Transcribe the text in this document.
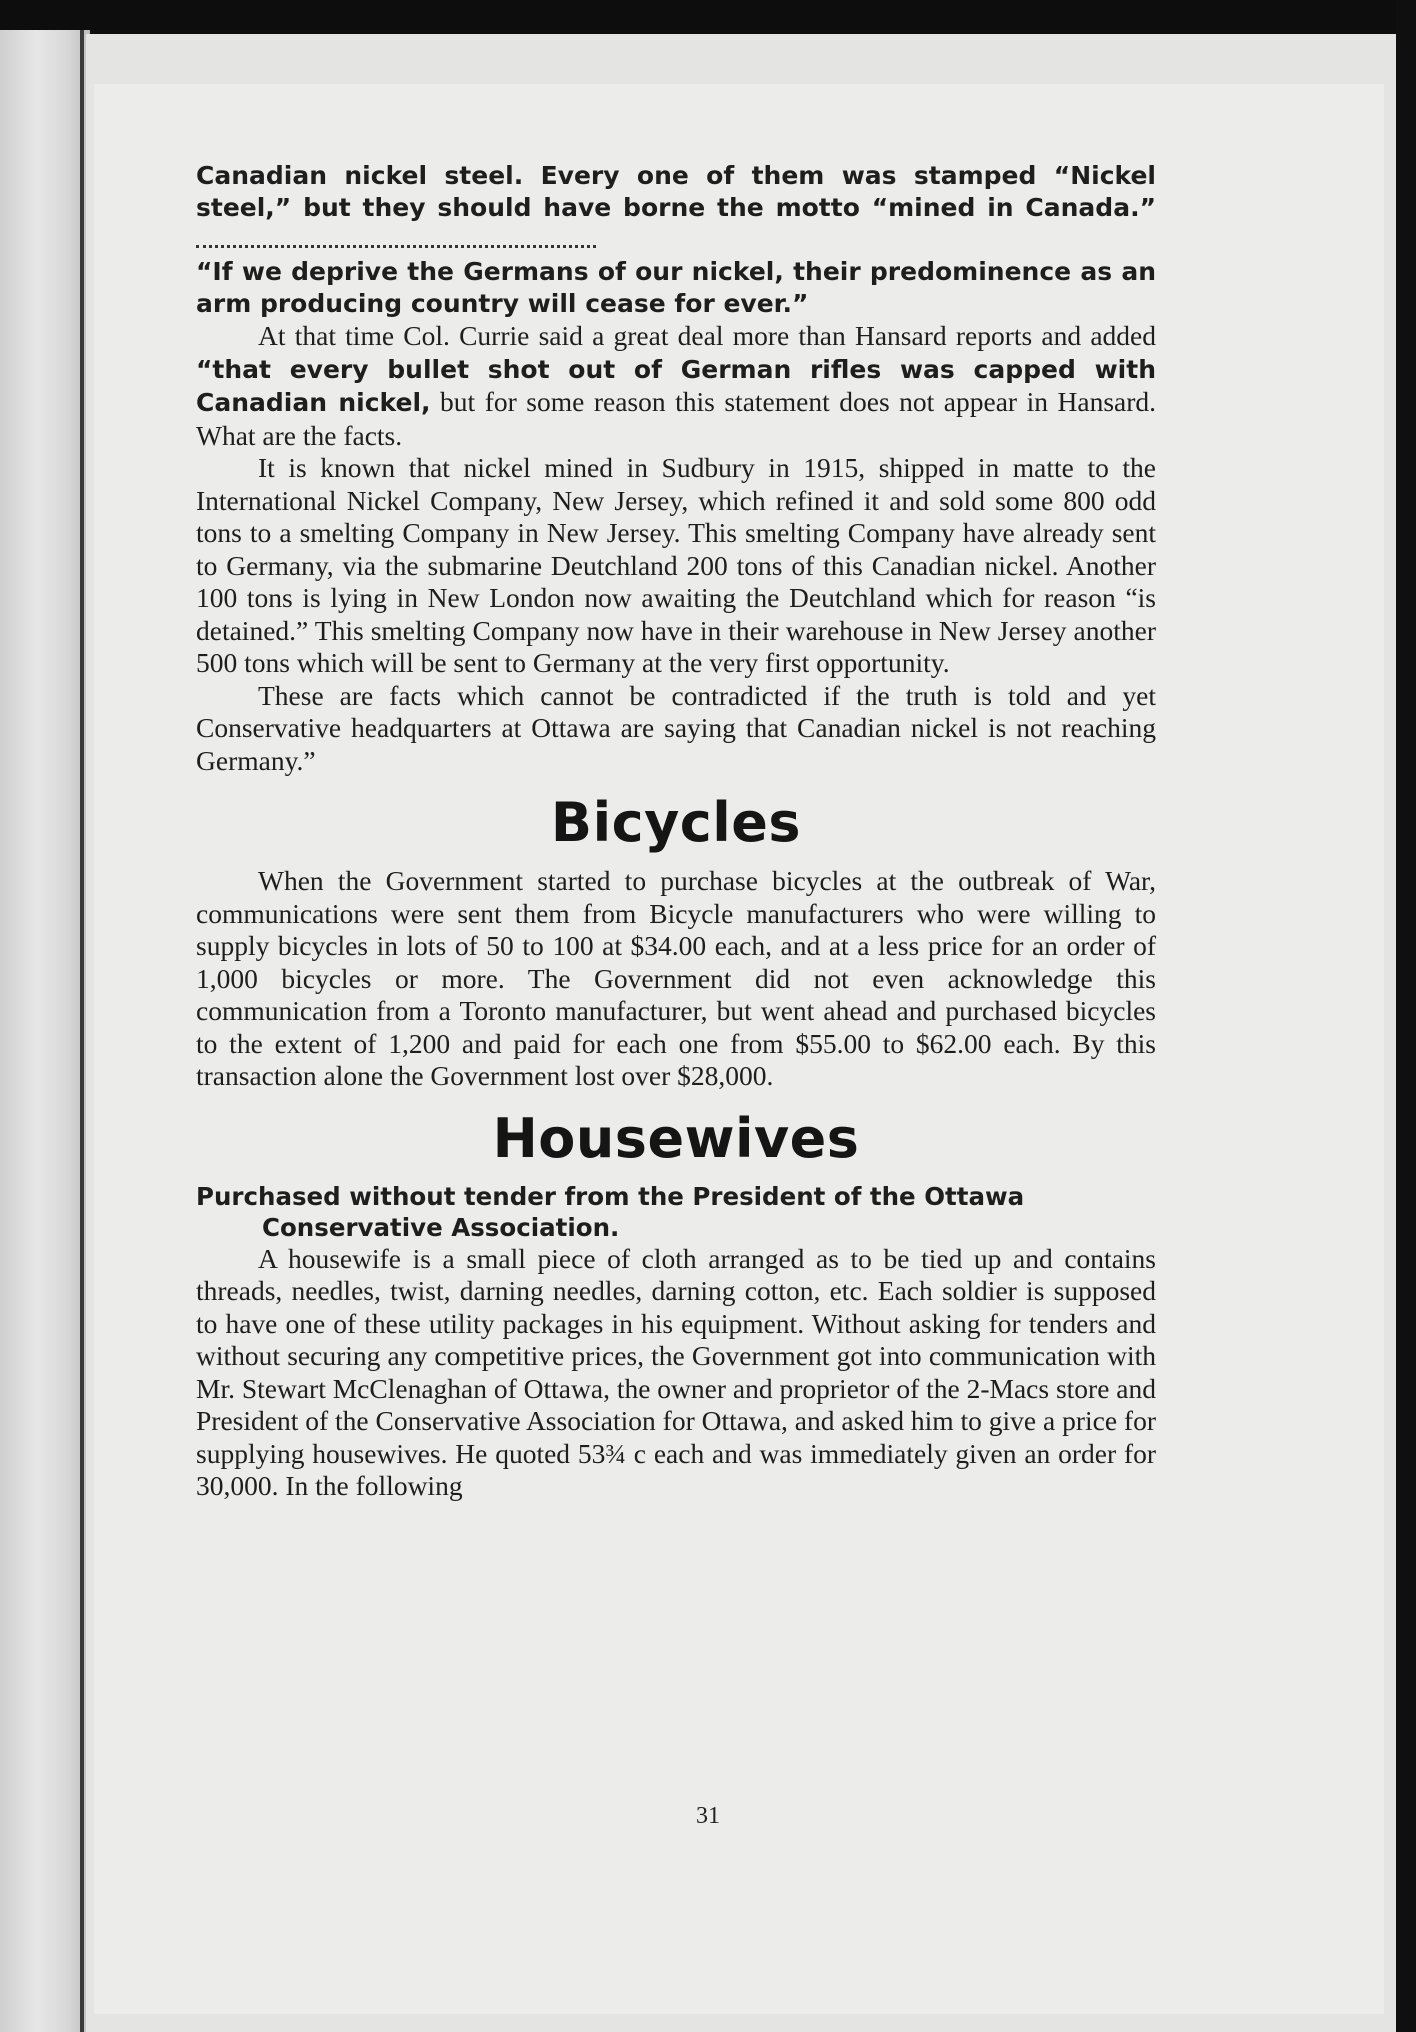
Canadian nickel steel. Every one of them was stamped “Nickel steel,” but they should have borne the motto “mined in Canada.”

“If we deprive the Germans of our nickel, their predominence as an arm producing country will cease for ever.”

At that time Col. Currie said a great deal more than Hansard reports and added “that every bullet shot out of German rifles was capped with Canadian nickel, but for some reason this statement does not appear in Hansard. What are the facts.

It is known that nickel mined in Sudbury in 1915, shipped in matte to the International Nickel Company, New Jersey, which refined it and sold some 800 odd tons to a smelting Company in New Jersey. This smelting Company have already sent to Germany, via the submarine Deutchland 200 tons of this Canadian nickel. Another 100 tons is lying in New London now awaiting the Deutchland which for reason “is detained.” This smelting Company now have in their warehouse in New Jersey another 500 tons which will be sent to Germany at the very first opportunity.

These are facts which cannot be contradicted if the truth is told and yet Conservative headquarters at Ottawa are saying that Canadian nickel is not reaching Germany.”

Bicycles

When the Government started to purchase bicycles at the outbreak of War, communications were sent them from Bicycle manufacturers who were willing to supply bicycles in lots of 50 to 100 at $34.00 each, and at a less price for an order of 1,000 bicycles or more. The Government did not even acknowledge this communication from a Toronto manufacturer, but went ahead and purchased bicycles to the extent of 1,200 and paid for each one from $55.00 to $62.00 each. By this transaction alone the Government lost over $28,000.

Housewives

Purchased without tender from the President of the Ottawa
Conservative Association.

A housewife is a small piece of cloth arranged as to be tied up and contains threads, needles, twist, darning needles, darning cotton, etc. Each soldier is supposed to have one of these utility packages in his equipment. Without asking for tenders and without securing any competitive prices, the Government got into communication with Mr. Stewart McClenaghan of Ottawa, the owner and proprietor of the 2-Macs store and President of the Conservative Association for Ottawa, and asked him to give a price for supplying housewives. He quoted 53¾ c each and was immediately given an order for 30,000. In the following

31
